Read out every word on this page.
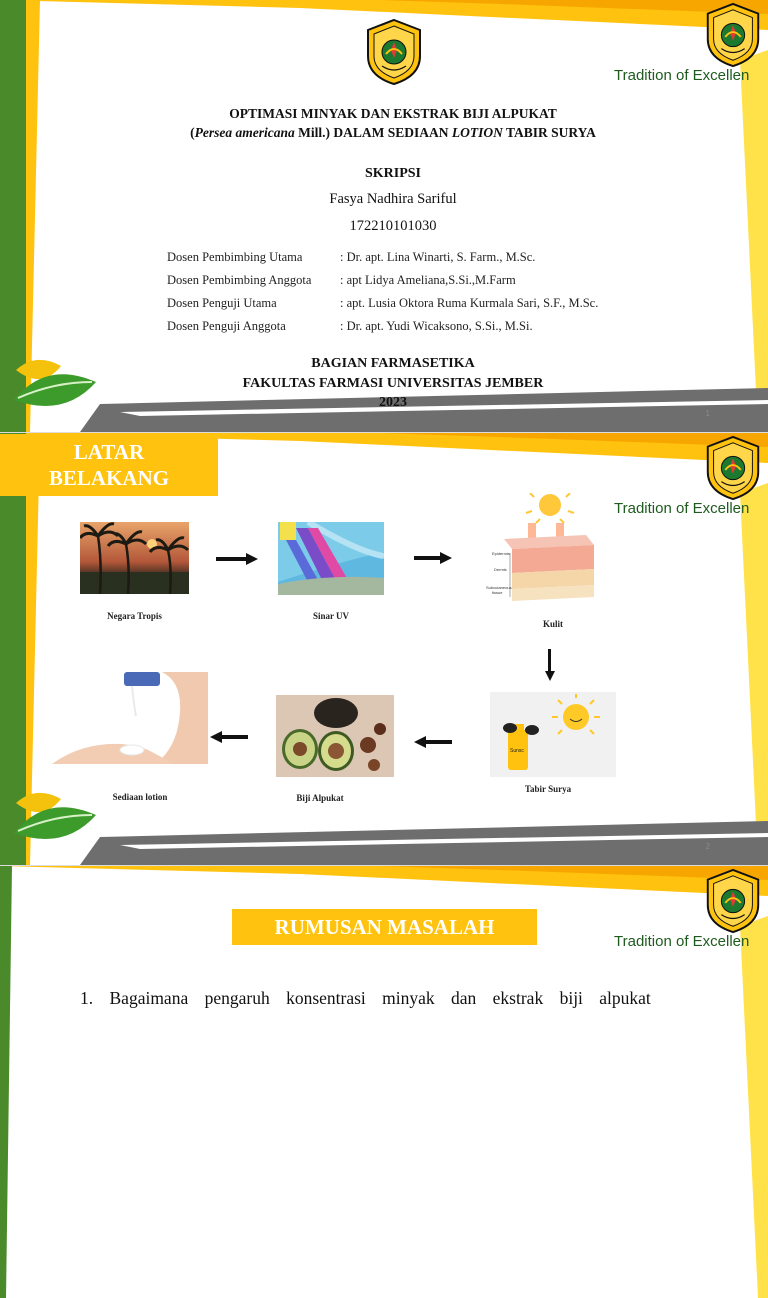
Tradition of Excellen
OPTIMASI MINYAK DAN EKSTRAK BIJI ALPUKAT
(Persea americana Mill.) DALAM SEDIAAN LOTION TABIR SURYA
SKRIPSI
Fasya Nadhira Sariful
172210101030
Dosen Pembimbing Utama	: Dr. apt. Lina Winarti, S. Farm., M.Sc.
Dosen Pembimbing Anggota	: apt Lidya Ameliana,S.Si.,M.Farm
Dosen Penguji Utama	: apt. Lusia Oktora Ruma Kurmala Sari, S.F., M.Sc.
Dosen Penguji Anggota	: Dr. apt. Yudi Wicaksono, S.Si., M.Si.
BAGIAN FARMASETIKA
FAKULTAS FARMASI UNIVERSITAS JEMBER
2023
1
Tradition of Excellen
LATAR
BELAKANG
Negara Tropis	Sinar UV
Epidermis
Dermis
Subcutaneous
tissue
Kulit
Sunsc
Tabir Surya
Biji Alpukat
Sediaan lotion
2
Tradition of Excellen
RUMUSAN MASALAH
1. Bagaimana pengaruh konsentrasi minyak dan ekstrak biji alpukat
